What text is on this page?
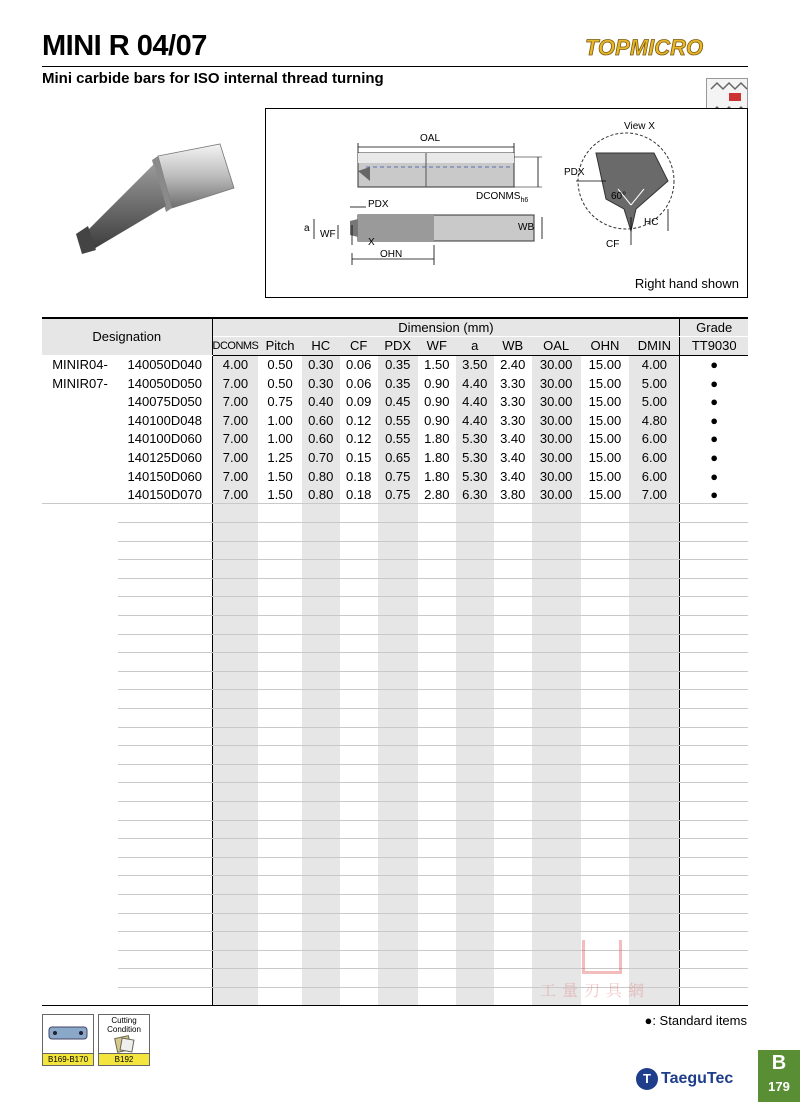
MINI R 04/07
Mini carbide bars for ISO internal thread turning
TOPMICRO
OAL
View X
PDX
$DCONMS_{h6}$
PDX
a
WF
X
WB
OHN
60°
HC
CF
Right hand shown
Designation		Dimension (mm)											Grade
		DCONMS	Pitch	HC	CF	PDX	WF	a	WB	OAL	OHN	DMIN	TT9030
MINIR04-	140050D040	4.00	0.50	0.30	0.06	0.35	1.50	3.50	2.40	30.00	15.00	4.00	●
MINIR07-	140050D050	7.00	0.50	0.30	0.06	0.35	0.90	4.40	3.30	30.00	15.00	5.00	●
	140075D050	7.00	0.75	0.40	0.09	0.45	0.90	4.40	3.30	30.00	15.00	5.00	●
	140100D048	7.00	1.00	0.60	0.12	0.55	0.90	4.40	3.30	30.00	15.00	4.80	●
	140100D060	7.00	1.00	0.60	0.12	0.55	1.80	5.30	3.40	30.00	15.00	6.00	●
	140125D060	7.00	1.25	0.70	0.15	0.65	1.80	5.30	3.40	30.00	15.00	6.00	●
	140150D060	7.00	1.50	0.80	0.18	0.75	1.80	5.30	3.40	30.00	15.00	6.00	●
	140150D070	7.00	1.50	0.80	0.18	0.75	2.80	6.30	3.80	30.00	15.00	7.00	●

B169-B170
Cutting Condition
B192
工量刃具網
●: Standard items
B
179
T TaeguTec
